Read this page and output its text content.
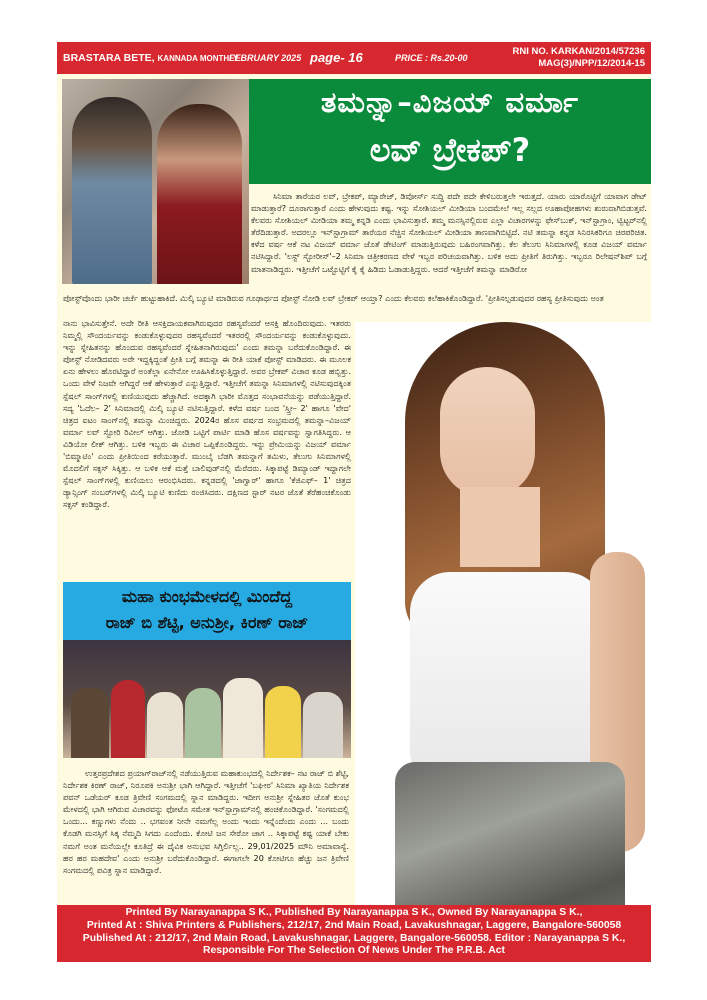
BRASTARA BETE, KANNADA MONTHLY
FEBRUARY 2025 page- 16	PRICE : Rs.20-00
RNI NO. KARKAN/2014/57236
MAG(3)/NPP/12/2014-15
ತಮನ್ನಾ–ವಿಜಯ್ ವರ್ಮಾ
ಲವ್ ಬ್ರೇಕಪ್?

ಸಿನಿಮಾ ತಾರೆಯರ ಲವ್, ಬ್ರೇಕಪ್, ಮ್ಯಾರೇಜ್, ಡಿವೋರ್ಸ್ ಸುದ್ದಿ ಪದೇ ಪದೇ ಕೇಳಿಬರುತ್ತಲೇ ಇರುತ್ತದೆ. ಯಾರು ಯಾರೊಟ್ಟಿಗೆ ಯಾವಾಗ ಡೇಟ್ ಮಾಡುತ್ತಾರೆ? ದೂರಾಗುತ್ತಾರೆ ಎಂದು ಹೇಳುವುದು ಕಷ್ಟ. ಇನ್ನು ಸೋಶಿಯಲ್ ಮೀಡಿಯಾ ಬಂದಮೇಲೆ ಇಲ್ಲ ಸಲ್ಲದ ಊಹಾಪೋಹಗಳು ಶುರುವಾಗಿಬಿಡುತ್ತವೆ. ಕೆಲವರು ಸೋಶಿಯಲ್ ಮೀಡಿಯಾ ತಮ್ಮ ಕನ್ನಡಿ ಎಂದು ಭಾವಿಸುತ್ತಾರೆ. ತಮ್ಮ ಮನಸ್ಸಿನಲ್ಲಿರುವ ಎಲ್ಲಾ ವಿಚಾರಗಳನ್ನು ಫೇಸ್‌ಬುಕ್, ಇನ್‌ಸ್ಟಾಗ್ರಾಂ, ಟ್ವಿಟ್ಟರ್‌ನಲ್ಲಿ ತೆರೆದಿಡುತ್ತಾರೆ. ಅದರಲ್ಲೂ ಇನ್‌ಸ್ಟಾಗ್ರಾಮ್ ತಾರೆಯರ ನೆಚ್ಚಿನ ಸೋಶಿಯಲ್ ಮೀಡಿಯಾ ತಾಣವಾಗಿಬಿಟ್ಟಿದೆ. ನಟಿ ತಮನ್ನಾ ಕನ್ನಡ ಸಿನಿರಸಿಕರಿಗೂ ಚಿರಪರಿಚಿತ. ಕಳೆದ ವರ್ಷ ಆಕೆ ನಟ ವಿಜಯ್ ವರ್ಮಾ ಜೊತೆ ಡೇಟಿಂಗ್ ಮಾಡುತ್ತಿರುವುದು ಬಹಿರಂಗವಾಗಿತ್ತು. ಕೆಲ ತೆಲುಗು ಸಿನಿಮಾಗಳಲ್ಲಿ ಕೂಡ ವಿಜಯ್ ವರ್ಮಾ ನಟಿಸಿದ್ದಾರೆ. 'ಲಸ್ಟ್ ಸ್ಟೋರೀಸ್'–2 ಸಿನಿಮಾ ಚಿತ್ರೀಕರಣದ ವೇಳೆ ಇಬ್ಬರ ಪರಿಚಯವಾಗಿತ್ತು. ಬಳಿಕ ಅದು ಪ್ರೀತಿಗೆ ತಿರುಗಿತ್ತು. ಇಬ್ಬರೂ ರಿಲೇಷನ್‌ಶಿಪ್ ಬಗ್ಗೆ ಮಾತನಾಡಿದ್ದರು. ಇತ್ತೀಚೆಗೆ ಒಟ್ಟೊಟ್ಟಿಗೆ ಕೈ ಕೈ ಹಿಡಿದು ಓಡಾಡುತ್ತಿದ್ದರು. ಆದರೆ ಇತ್ತೀಚೆಗೆ ತಮನ್ನಾ ಮಾಡಿರೋ

ಪೋಸ್ಟ್‌ವೊಂದು ಭಾರೀ ಚರ್ಚೆ ಹುಟ್ಟುಹಾಕಿದೆ. ಮಿಲ್ಕಿ ಬ್ಯೂಟಿ ಮಾಡಿರುವ ಗೂಢಾರ್ಥದ ಪೋಸ್ಟ್ ನೋಡಿ ಲವ್ ಬ್ರೇಕಪ್ ಆಯ್ತಾ? ಎಂದು ಕೆಲವರು ಕಲೆಹಾಕಿಕೊಂಡಿದ್ದಾರೆ. 'ಪ್ರೀತಿಸಲ್ಪಡುವುದರ ರಹಸ್ಯ ಪ್ರೀತಿಸುವುದು ಅಂತ

ನಾನು ಭಾವಿಸುತ್ತೇನೆ. ಅದೇ ರೀತಿ ಆಸಕ್ತಿದಾಯಕವಾಗಿರುವುದರ ರಹಸ್ಯವೆಂದರೆ ಆಸಕ್ತಿ ಹೊಂದಿರುವುದು. ಇತರರು ನಿಮ್ಮಲ್ಲಿ ಸೌಂದರ್ಯವನ್ನು ಕಂಡುಕೊಳ್ಳುವುದರ ರಹಸ್ಯವೆಂದರೆ ಇತರರಲ್ಲಿ ಸೌಂದರ್ಯವನ್ನು ಕಂಡುಕೊಳ್ಳುವುದು. ಇನ್ನು ಸ್ನೇಹಿತನನ್ನು ಹೊಂದುವ ರಹಸ್ಯವೆಂದರೆ ಸ್ನೇಹಿತನಾಗಿರುವುದು' ಎಂದು ತಮನ್ನಾ ಬರೆದುಕೊಂಡಿದ್ದಾರೆ. ಈ ಪೋಸ್ಟ್ ನೋಡಿದವರು ಅರೇ ಇದ್ದಕ್ಕಿದ್ದಂತೆ ಪ್ರೀತಿ ಬಗ್ಗೆ ತಮನ್ನಾ ಈ ರೀತಿ ಯಾಕೆ ಪೋಸ್ಟ್ ಮಾಡಿದರು. ಈ ಮೂಲಕ ಏನು ಹೇಳಲು ಹೊರಟಿದ್ದಾರೆ ಅಂತೆಲ್ಲಾ ಏನೇನೋ ಊಹಿಸಿಕೊಳ್ಳುತ್ತಿದ್ದಾರೆ. ಅವರ ಬ್ರೇಕಪ್ ವಿಚಾರ ಕೂಡ ಹಬ್ಬಿತ್ತು. ಒಂದು ವೇಳೆ ನಿಜವೇ ಆಗಿದ್ದರೆ ಆಕೆ ಹೇಳುತ್ತಾರೆ ಎನ್ನುತ್ತಿದ್ದಾರೆ. ಇತ್ತೀಚೆಗೆ ತಮನ್ನಾ ಸಿನಿಮಾಗಳಲ್ಲಿ ನಟಿಸುವುದಕ್ಕಿಂತ ಸ್ಪೆಷಲ್ ಸಾಂಗ್‌ಗಳಲ್ಲಿ ಕುಣಿಯುವುದು ಹೆಚ್ಚಾಗಿದೆ. ಅದಕ್ಕಾಗಿ ಭಾರೀ ಮೊತ್ತದ ಸಂಭಾವನೆಯನ್ನು ಪಡೆಯುತ್ತಿದ್ದಾರೆ. ಸದ್ಯ 'ಓದೆಲ– 2' ಸಿನಿಮಾದಲ್ಲಿ ಮಿಲ್ಕಿ ಬ್ಯೂಟಿ ನಟಿಸುತ್ತಿದ್ದಾರೆ. ಕಳೆದ ವರ್ಷ ಬಂದ 'ಸ್ತ್ರೀ– 2' ಹಾಗೂ 'ವೇದ' ಚಿತ್ರದ ಐಟಂ ಸಾಂಗ್‌ನಲ್ಲಿ ತಮನ್ನಾ ಮಿಂಚಿದ್ದರು. 2024ರ ಹೊಸ ವರ್ಷದ ಸಂಭ್ರಮದಲ್ಲಿ ತಮನ್ನಾ–ವಿಜಯ್ ವರ್ಮಾ ಲವ್ ಸ್ಟೋರಿ ರಿವೀಲ್ ಆಗಿತ್ತು. ಜೋಡಿ ಒಟ್ಟಿಗೆ ಪಾರ್ಟಿ ಮಾಡಿ ಹೊಸ ವರ್ಷವನ್ನು ಸ್ವಾಗತಿಸಿದ್ದರು. ಆ ವಿಡಿಯೋ ಲೀಕ್ ಆಗಿತ್ತು. ಬಳಿಕ ಇಬ್ಬರು ಈ ವಿಚಾರ ಒಪ್ಪಿಕೊಂಡಿದ್ದರು. ಇನ್ನು ಪ್ರೇಮಿಯನ್ನು ವಿಜಯ್ ವರ್ಮಾ 'ಬಿಮ್ಮಾಟಿಂ' ಎಂದು ಪ್ರೀತಿಯಿಂದ ಕರೆಯುತ್ತಾರೆ. ಮುಂಬೈ ಬೆಡಗಿ ತಮನ್ನಾಗೆ ತಮಿಳು, ತೆಲುಗು ಸಿನಿಮಾಗಳಲ್ಲಿ ಮೊದಲಿಗೆ ಸಕ್ಸಸ್ ಸಿಕ್ಕಿತ್ತು. ಆ ಬಳಿಕ ಆಕೆ ಮತ್ತೆ ಬಾಲಿವುಡ್‌ನಲ್ಲಿ ಮೆರೆದರು. ಸಿಕ್ಕಾಪಟ್ಟೆ ಡಿಮ್ಯಾಂಡ್ ಇದ್ದಾಗಲೇ ಸ್ಪೆಷಲ್ ಸಾಂಗ್‌ಗಳಲ್ಲಿ ಕುಣಿಯಲು ಆರಂಭಿಸಿದರು. ಕನ್ನಡದಲ್ಲಿ 'ಜಾಗ್ವಾರ್' ಹಾಗೂ 'ಕೆಜಿಎಫ್– 1' ಚಿತ್ರದ ಡ್ಯಾನ್ಸಿಂಗ್ ನಂಬರ್‌ಗಳಲ್ಲಿ ಮಿಲ್ಕಿ ಬ್ಯೂಟಿ ಕುಣಿದು ರಂಜಿಸಿದರು. ದಕ್ಷಿಣದ ಸ್ಟಾರ್ ನಟರ ಜೊತೆ ತೆರೆಹಂಚಿಕೊಂಡು ಸಕ್ಸಸ್ ಕಂಡಿದ್ದಾರೆ.

ಮಹಾ ಕುಂಭಮೇಳದಲ್ಲಿ ಮಿಂದೆದ್ದ
ರಾಜ್ ಬಿ ಶೆಟ್ಟಿ, ಅನುಶ್ರೀ, ಕಿರಣ್ ರಾಜ್

ಉತ್ತರಪ್ರದೇಶದ ಪ್ರಯಾಗ್‌ರಾಜ್‌ನಲ್ಲಿ ನಡೆಯುತ್ತಿರುವ ಮಹಾಕುಂಭದಲ್ಲಿ ನಿರ್ದೇಶಕ– ನಟ ರಾಜ್ ಬಿ ಶೆಟ್ಟಿ, ನಿರ್ದೇಶಕ ಕಿರಣ್ ರಾಜ್, ನಿರೂಪಕಿ ಅನುಶ್ರೀ ಭಾಗಿ ಆಗಿದ್ದಾರೆ. ಇತ್ತೀಚೆಗೆ 'ಬಘೀರ' ಸಿನಿಮಾ ಖ್ಯಾತಿಯ ನಿರ್ದೇಶಕ ಪವನ್ ಒಡೆಯರ್ ಕೂಡ ತ್ರಿವೇಣಿ ಸಂಗಮದಲ್ಲಿ ಸ್ನಾನ ಮಾಡಿದ್ದರು. ಇದೀಗ ಅನುಶ್ರೀ ಸ್ನೇಹಿತರ ಜೊತೆ ಕುಂಭ ಮೇಳದಲ್ಲಿ ಭಾಗಿ ಆಗಿರುವ ವಿಚಾರವನ್ನು ಫೋಟೊ ಸಮೇತ ಇನ್‌ಸ್ಟಾಗ್ರಾಮ್‌ನಲ್ಲಿ ಹಂಚಿಕೊಂಡಿದ್ದಾರೆ. 'ಸಂಗಮದಲ್ಲಿ ಒಂದು... ಕಣ್ಣುಗಳು ನೆಂದು .. ಭಗವಂತ ನೀನೇ ನಮಗೆಲ್ಲ ಅಂದು ಇಂದು ಇನ್ನೆಂದೆಂದು ಎಂದು ... ಬಂದು ಕೊಡಗಿ ಮನಸ್ಸಿಗೆ ಸಿಕ್ಕ ನೆಮ್ಮದಿ ಸಿಗದು ಎಂದೆಂದು. ಕೋಟಿ ಜನ ಸೇರೋ ಜಾಗ .. ಸಿಕ್ಕಾಪಟ್ಟೆ ಕಷ್ಟ ಯಾಕೆ ಬೇಕು ನಮಗೆ ಅಂತ ಮನೆಯಲ್ಲೇ ಕೂತಿದ್ರೆ ಈ ದೈವಿಕ ಅನುಭವ ಸಿಗ್ತಿರ್ಲಿಲ್ಲ.. 29,01/2025 ಮೌನಿ ಅಮಾವಾಸ್ಯೆ. ಹರ ಹರ ಮಹದೇವ' ಎಂದು ಅನುಶ್ರೀ ಬರೆದುಕೊಂಡಿದ್ದಾರೆ. ಈಗಾಗಲೇ 20 ಕೋಟಿಗೂ ಹೆಚ್ಚು ಜನ ತ್ರಿವೇಣಿ ಸಂಗಮದಲ್ಲಿ ಪವಿತ್ರ ಸ್ನಾನ ಮಾಡಿದ್ದಾರೆ.

Printed By Narayanappa S K., Published By Narayanappa S K., Owned By Narayanappa S K.,
Printed At : Shiva Printers & Publishers, 212/17, 2nd Main Road, Lavakushnagar, Laggere, Bangalore-560058
Published At : 212/17, 2nd Main Road, Lavakushnagar, Laggere, Bangalore-560058. Editor : Narayanappa S K.,
Responsible For The Selection Of News Under The P.R.B. Act
